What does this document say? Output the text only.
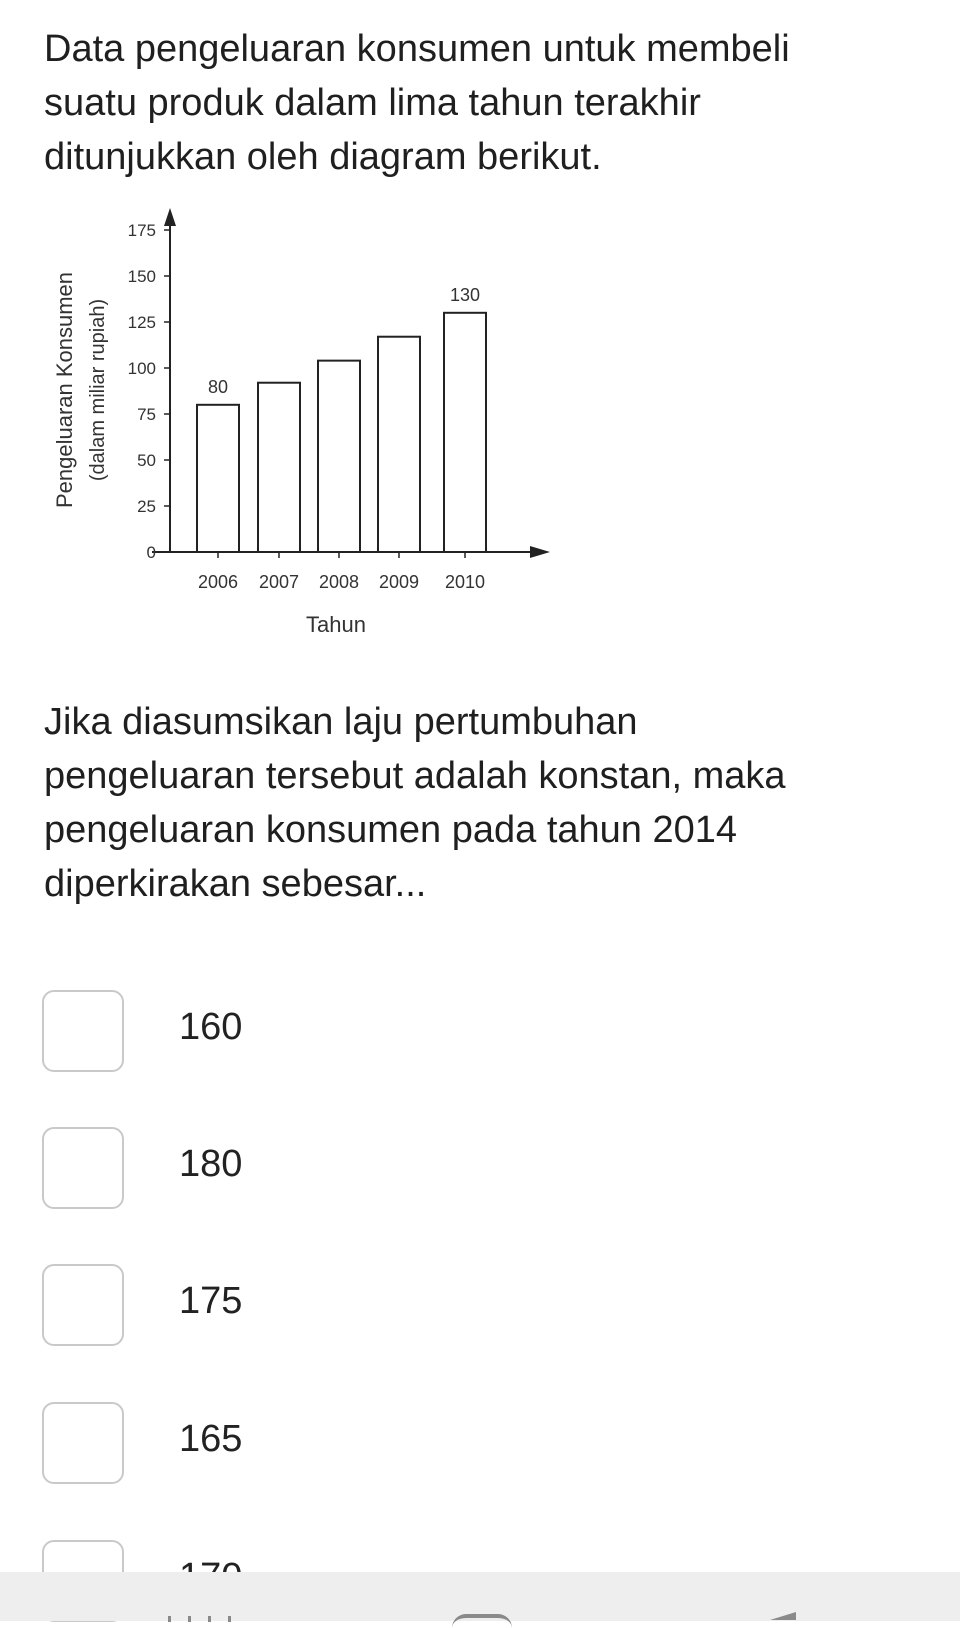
Data pengeluaran konsumen untuk membeli
suatu produk dalam lima tahun terakhir
ditunjukkan oleh diagram berikut.
0
25
50
75
100
125
150
175
Pengeluaran Konsumen (dalam miliar rupiah)
2006
80
2007 2008 2009 2010
130
Tahun
Jika diasumsikan laju pertumbuhan
pengeluaran tersebut adalah konstan, maka
pengeluaran konsumen pada tahun 2014
diperkirakan sebesar...
160
180
175
165
